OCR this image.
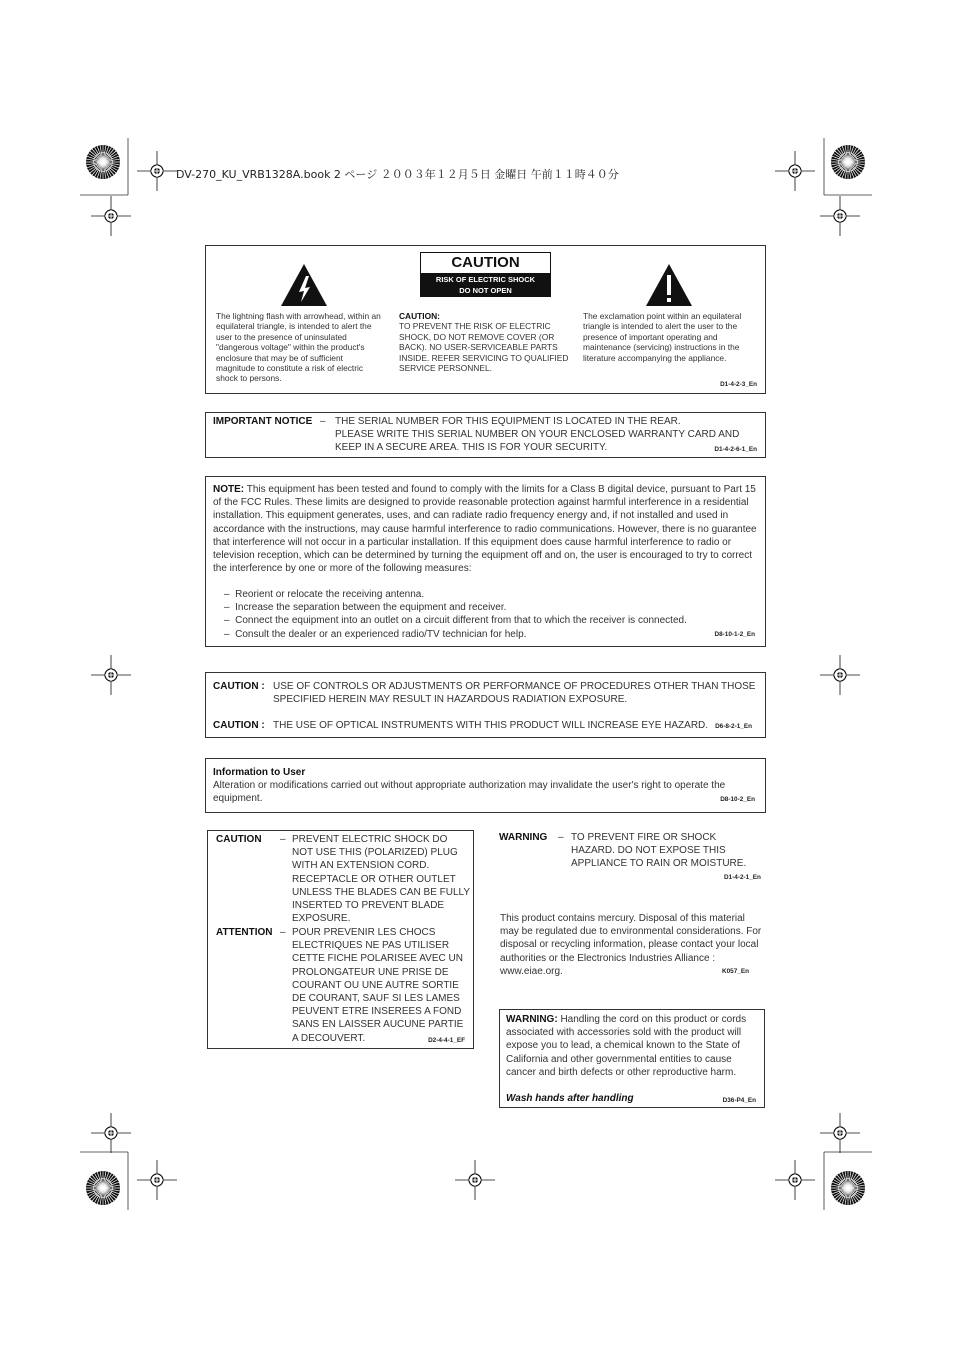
DV-270_KU_VRB1328A.book 2 ページ ２００３年１２月５日 金曜日 午前１１時４０分
CAUTION
RISK OF ELECTRIC SHOCK
DO NOT OPEN
The lightning flash with arrowhead, within an equilateral triangle, is intended to alert the user to the presence of uninsulated "dangerous voltage" within the product's enclosure that may be of sufficient magnitude to constitute a risk of electric shock to persons.
CAUTION:
TO PREVENT THE RISK OF ELECTRIC SHOCK, DO NOT REMOVE COVER (OR BACK). NO USER-SERVICEABLE PARTS INSIDE. REFER SERVICING TO QUALIFIED SERVICE PERSONNEL.
The exclamation point within an equilateral triangle is intended to alert the user to the presence of important operating and maintenance (servicing) instructions in the literature accompanying the appliance.
D1-4-2-3_En
IMPORTANT NOTICE – THE SERIAL NUMBER FOR THIS EQUIPMENT IS LOCATED IN THE REAR.
PLEASE WRITE THIS SERIAL NUMBER ON YOUR ENCLOSED WARRANTY CARD AND
KEEP IN A SECURE AREA. THIS IS FOR YOUR SECURITY.	D1-4-2-6-1_En
NOTE: This equipment has been tested and found to comply with the limits for a Class B digital device, pursuant to Part 15 of the FCC Rules. These limits are designed to provide reasonable protection against harmful interference in a residential installation. This equipment generates, uses, and can radiate radio frequency energy and, if not installed and used in accordance with the instructions, may cause harmful interference to radio communications. However, there is no guarantee that interference will not occur in a particular installation. If this equipment does cause harmful interference to radio or television reception, which can be determined by turning the equipment off and on, the user is encouraged to try to correct the interference by one or more of the following measures:
– Reorient or relocate the receiving antenna.
– Increase the separation between the equipment and receiver.
– Connect the equipment into an outlet on a circuit different from that to which the receiver is connected.
– Consult the dealer or an experienced radio/TV technician for help.	D8-10-1-2_En
CAUTION : USE OF CONTROLS OR ADJUSTMENTS OR PERFORMANCE OF PROCEDURES OTHER THAN THOSE
SPECIFIED HEREIN MAY RESULT IN HAZARDOUS RADIATION EXPOSURE.
CAUTION : THE USE OF OPTICAL INSTRUMENTS WITH THIS PRODUCT WILL INCREASE EYE HAZARD. D6-8-2-1_En
Information to User
Alteration or modifications carried out without appropriate authorization may invalidate the user's right to operate the equipment.	D8-10-2_En
CAUTION – PREVENT ELECTRIC SHOCK DO NOT USE THIS (POLARIZED) PLUG WITH AN EXTENSION CORD. RECEPTACLE OR OTHER OUTLET UNLESS THE BLADES CAN BE FULLY INSERTED TO PREVENT BLADE EXPOSURE.
ATTENTION – POUR PREVENIR LES CHOCS ELECTRIQUES NE PAS UTILISER CETTE FICHE POLARISEE AVEC UN PROLONGATEUR UNE PRISE DE COURANT OU UNE AUTRE SORTIE DE COURANT, SAUF SI LES LAMES PEUVENT ETRE INSEREES A FOND SANS EN LAISSER AUCUNE PARTIE A DECOUVERT.	D2-4-4-1_EF
WARNING – TO PREVENT FIRE OR SHOCK HAZARD. DO NOT EXPOSE THIS APPLIANCE TO RAIN OR MOISTURE.
D1-4-2-1_En
This product contains mercury. Disposal of this material may be regulated due to environmental considerations. For disposal or recycling information, please contact your local authorities or the Electronics Industries Alliance : www.eiae.org.	K057_En
WARNING: Handling the cord on this product or cords associated with accessories sold with the product will expose you to lead, a chemical known to the State of California and other governmental entities to cause cancer and birth defects or other reproductive harm.
Wash hands after handling	D36-P4_En
